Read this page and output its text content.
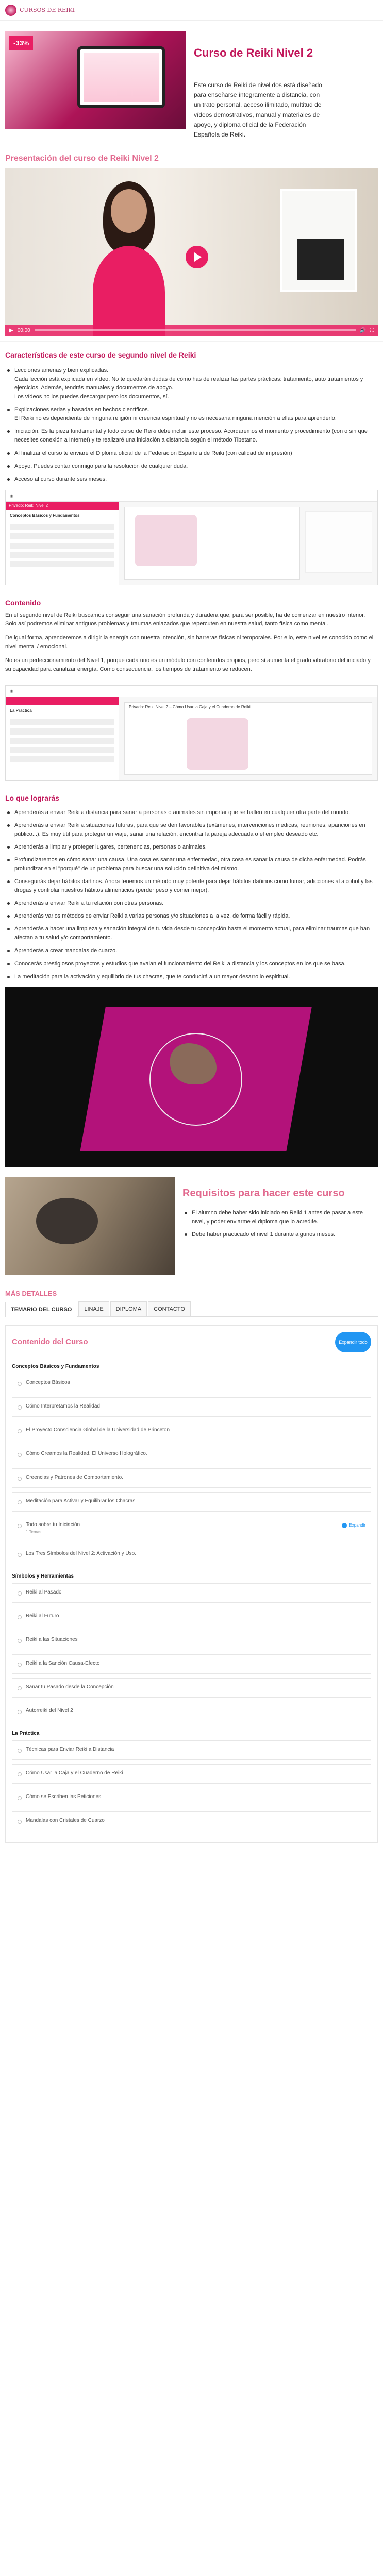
CURSOS DE REIKI
-33%
Curso de Reiki Nivel 2

Este curso de Reiki de nivel dos está diseñado para enseñarse íntegramente a distancia, con un trato personal, acceso ilimitado, multitud de vídeos demostrativos, manual y materiales de apoyo, y diploma oficial de la Federación Española de Reiki.

Presentación del curso de Reiki Nivel 2
▶ 00:00	🔊 ⛶
Características de este curso de segundo nivel de Reiki
Lecciones amenas y bien explicadas.
Cada lección está explicada en vídeo. No te quedarán dudas de cómo has de realizar las partes prácticas: tratamiento, auto tratamientos y ejercicios. Además, tendrás manuales y documentos de apoyo.
Los vídeos no los puedes descargar pero los documentos, sí.
Explicaciones serias y basadas en hechos científicos.
El Reiki no es dependiente de ninguna religión ni creencia espiritual y no es necesaria ninguna mención a ellas para aprenderlo.
Iniciación. Es la pieza fundamental y todo curso de Reiki debe incluir este proceso. Acordaremos el momento y procedimiento (con o sin que necesites conexión a Internet) y te realizaré una iniciación a distancia según el método Tibetano.
Al finalizar el curso te enviaré el Diploma oficial de la Federación Española de Reiki (con calidad de impresión)
Apoyo. Puedes contar conmigo para la resolución de cualquier duda.
Acceso al curso durante seis meses.
◉
Privado: Reiki Nivel 2
Conceptos Básicos y Fundamentos
Contenido

En el segundo nivel de Reiki buscamos conseguir una sanación profunda y duradera que, para ser posible, ha de comenzar en nuestro interior. Solo así podremos eliminar antiguos problemas y traumas enlazados que repercuten en nuestra salud, tanto física como mental.

De igual forma, aprenderemos a dirigir la energía con nuestra intención, sin barreras físicas ni temporales. Por ello, este nivel es conocido como el nivel mental / emocional.

No es un perfeccionamiento del Nivel 1, porque cada uno es un módulo con contenidos propios, pero sí aumenta el grado vibratorio del iniciado y su capacidad para canalizar energía. Como consecuencia, los tiempos de tratamiento se reducen.

◉
La Práctica
Privado: Reiki Nivel 2 – Cómo Usar la Caja y el Cuaderno de Reiki
Lo que lograrás
Aprenderás a enviar Reiki a distancia para sanar a personas o animales sin importar que se hallen en cualquier otra parte del mundo.
Aprenderás a enviar Reiki a situaciones futuras, para que se den favorables (exámenes, intervenciones médicas, reuniones, apariciones en público...). Es muy útil para proteger un viaje, sanar una relación, encontrar la pareja adecuada o el empleo deseado etc.
Aprenderás a limpiar y proteger lugares, pertenencias, personas o animales.
Profundizaremos en cómo sanar una causa. Una cosa es sanar una enfermedad, otra cosa es sanar la causa de dicha enfermedad. Podrás profundizar en el "porqué" de un problema para buscar una solución definitiva del mismo.
Conseguirás dejar hábitos dañinos. Ahora tenemos un método muy potente para dejar hábitos dañinos como fumar, adicciones al alcohol y las drogas y controlar nuestros hábitos alimenticios (perder peso y comer mejor).
Aprenderás a enviar Reiki a tu relación con otras personas.
Aprenderás varios métodos de enviar Reiki a varias personas y/o situaciones a la vez, de forma fácil y rápida.
Aprenderás a hacer una limpieza y sanación integral de tu vida desde tu concepción hasta el momento actual, para eliminar traumas que han afectan a tu salud y/o comportamiento.
Aprenderás a crear mandalas de cuarzo.
Conocerás prestigiosos proyectos y estudios que avalan el funcionamiento del Reiki a distancia y los conceptos en los que se basa.
La meditación para la activación y equilibrio de tus chacras, que te conducirá a un mayor desarrollo espiritual.
Requisitos para hacer este curso
El alumno debe haber sido iniciado en Reiki 1 antes de pasar a este nivel, y poder enviarme el diploma que lo acredite.
Debe haber practicado el nivel 1 durante algunos meses.
MÁS DETALLES
TEMARIO DEL CURSO	LINAJE	DIPLOMA	CONTACTO
Contenido del Curso	Expandir todo
Conceptos Básicos y Fundamentos
Conceptos Básicos
Cómo Interpretamos la Realidad
El Proyecto Consciencia Global de la Universidad de Princeton
Cómo Creamos la Realidad. El Universo Holográfico.
Creencias y Patrones de Comportamiento.
Meditación para Activar y Equilibrar los Chacras
Todo sobre tu Iniciación
1 Temas
Expandir
Los Tres Símbolos del Nivel 2: Activación y Uso.
Símbolos y Herramientas
Reiki al Pasado
Reiki al Futuro
Reiki a las Situaciones
Reiki a la Sanción Causa-Efecto
Sanar tu Pasado desde la Concepción
Autorreiki del Nivel 2
La Práctica
Técnicas para Enviar Reiki a Distancia
Cómo Usar la Caja y el Cuaderno de Reiki
Cómo se Escriben las Peticiones
Mandalas con Cristales de Cuarzo
